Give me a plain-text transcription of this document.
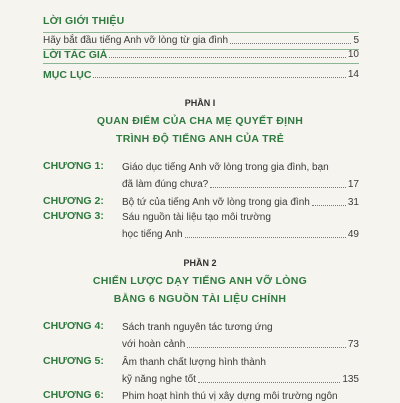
LỜI GIỚI THIỆU
Hãy bắt đầu tiếng Anh vỡ lòng từ gia đình	5
LỜI TÁC GIẢ	10
MỤC LỤC	14
PHẦN I
QUAN ĐIỂM CỦA CHA MẸ QUYẾT ĐỊNH
TRÌNH ĐỘ TIẾNG ANH CỦA TRẺ
CHƯƠNG 1:	Giáo dục tiếng Anh vỡ lòng trong gia đình, bạn
đã làm đúng chưa?	17
CHƯƠNG 2:	Bộ tứ của tiếng Anh vỡ lòng trong gia đình	31
CHƯƠNG 3:	Sáu nguồn tài liệu tạo môi trường
học tiếng Anh	49
PHẦN 2
CHIẾN LƯỢC DẠY TIẾNG ANH VỠ LÒNG
BẰNG 6 NGUỒN TÀI LIỆU CHÍNH
CHƯƠNG 4:	Sách tranh nguyên tác tương ứng
với hoàn cảnh	73
CHƯƠNG 5:	Âm thanh chất lượng hình thành
kỹ năng nghe tốt	135
CHƯƠNG 6:	Phim hoạt hình thú vị xây dựng môi trường ngôn
